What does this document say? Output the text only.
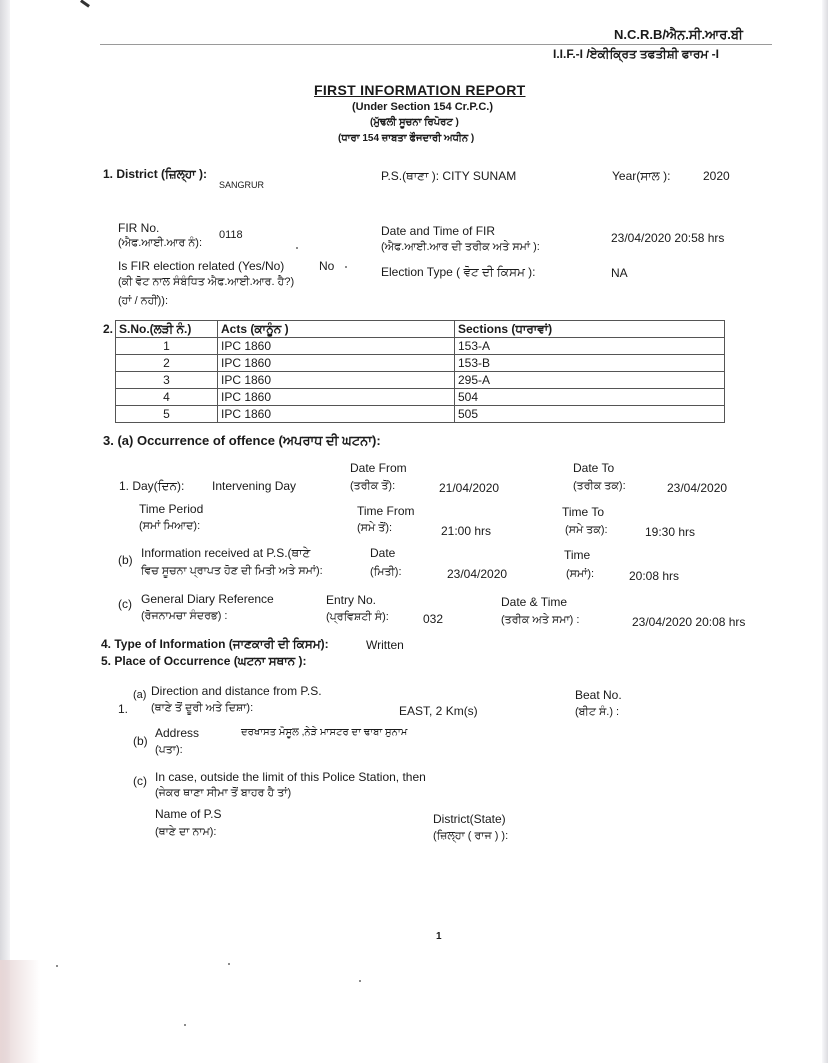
N.C.R.B/ਐਨ.ਸੀ.ਆਰ.ਬੀ
I.I.F.-I /ਏਕੀਕ੍ਰਿਤ ਤਫਤੀਸ਼ੀ ਫਾਰਮ -I
FIRST INFORMATION REPORT
(Under Section 154 Cr.P.C.)
(ਮੁੱਢਲੀ ਸੂਚਨਾ ਰਿਪੋਰਟ )
(ਧਾਰਾ 154 ਜ਼ਾਬਤਾ ਫੌਜਦਾਰੀ ਅਧੀਨ )
1. District (ਜ਼ਿਲ੍ਹਾ ):
SANGRUR
P.S.(ਥਾਣਾ ): CITY SUNAM	Year(ਸਾਲ ):	2020
FIR No.
(ਐਫ.ਆਈ.ਆਰ ਨੰ):
0118	Date and Time of FIR
(ਐਫ.ਆਈ.ਆਰ ਦੀ ਤਰੀਕ ਅਤੇ ਸਮਾਂ ):
23/04/2020 20:58 hrs
Is FIR election related (Yes/No)
(ਕੀ ਵੋਟ ਨਾਲ ਸੰਬੰਧਿਤ ਐਫ.ਆਈ.ਆਰ. ਹੈ?)
(ਹਾਂ / ਨਹੀਂ)):
No	Election Type ( ਵੋਟ ਦੀ ਕਿਸਮ ):	NA
2. S.No.(ਲੜੀ ਨੰ.)	Acts (ਕਾਨੂੰਨ )	Sections (ਧਾਰਾਵਾਂ)
1	IPC 1860	153-A
2	IPC 1860	153-B
3	IPC 1860	295-A
4	IPC 1860	504
5	IPC 1860	505
3. (a) Occurrence of offence (ਅਪਰਾਧ ਦੀ ਘਟਨਾ):
1. Day(ਦਿਨ): Intervening Day
Date From
(ਤਰੀਕ ਤੋਂ):	21/04/2020
Date To
(ਤਰੀਕ ਤਕ):	23/04/2020
Time Period
(ਸਮਾਂ ਮਿਆਦ):
Time From
(ਸਮੇ ਤੋਂ):	21:00 hrs
Time To
(ਸਮੇ ਤਕ):	19:30 hrs
(b) Information received at P.S.(ਥਾਣੇ
ਵਿਚ ਸੂਚਨਾ ਪ੍ਰਾਪਤ ਹੋਣ ਦੀ ਮਿਤੀ ਅਤੇ ਸਮਾਂ):
Date
(ਮਿਤੀ):	23/04/2020
Time
(ਸਮਾਂ):	20:08 hrs
(c) General Diary Reference
(ਰੋਜਨਾਮਚਾ ਸੰਦਰਭ) :
Entry No.
(ਪ੍ਰਵਿਸ਼ਟੀ ਸੰ):	032
Date & Time
(ਤਰੀਕ ਅਤੇ ਸਮਾ) :	23/04/2020 20:08 hrs
4. Type of Information (ਜਾਣਕਾਰੀ ਦੀ ਕਿਸਮ):	Written
5. Place of Occurrence (ਘਟਨਾ ਸਥਾਨ ):
1.
(a) Direction and distance from P.S.
(ਥਾਣੇ ਤੋਂ ਦੂਰੀ ਅਤੇ ਦਿਸ਼ਾ):	EAST, 2 Km(s)
Beat No.
(ਬੀਟ ਸੰ.) :
(b)
Address
(ਪਤਾ):
ਦਰਖਾਸਤ ਮੋਸੂਲ ,ਨੇੜੇ ਮਾਸਟਰ ਦਾ ਢਾਬਾ ਸੁਨਾਮ
(c) In case, outside the limit of this Police Station, then
(ਜੇਕਰ ਥਾਣਾ ਸੀਮਾ ਤੋਂ ਬਾਹਰ ਹੈ ਤਾਂ)
Name of P.S
(ਥਾਣੇ ਦਾ ਨਾਮ):
District(State)
(ਜ਼ਿਲ੍ਹਾ ( ਰਾਜ ) ):
1
